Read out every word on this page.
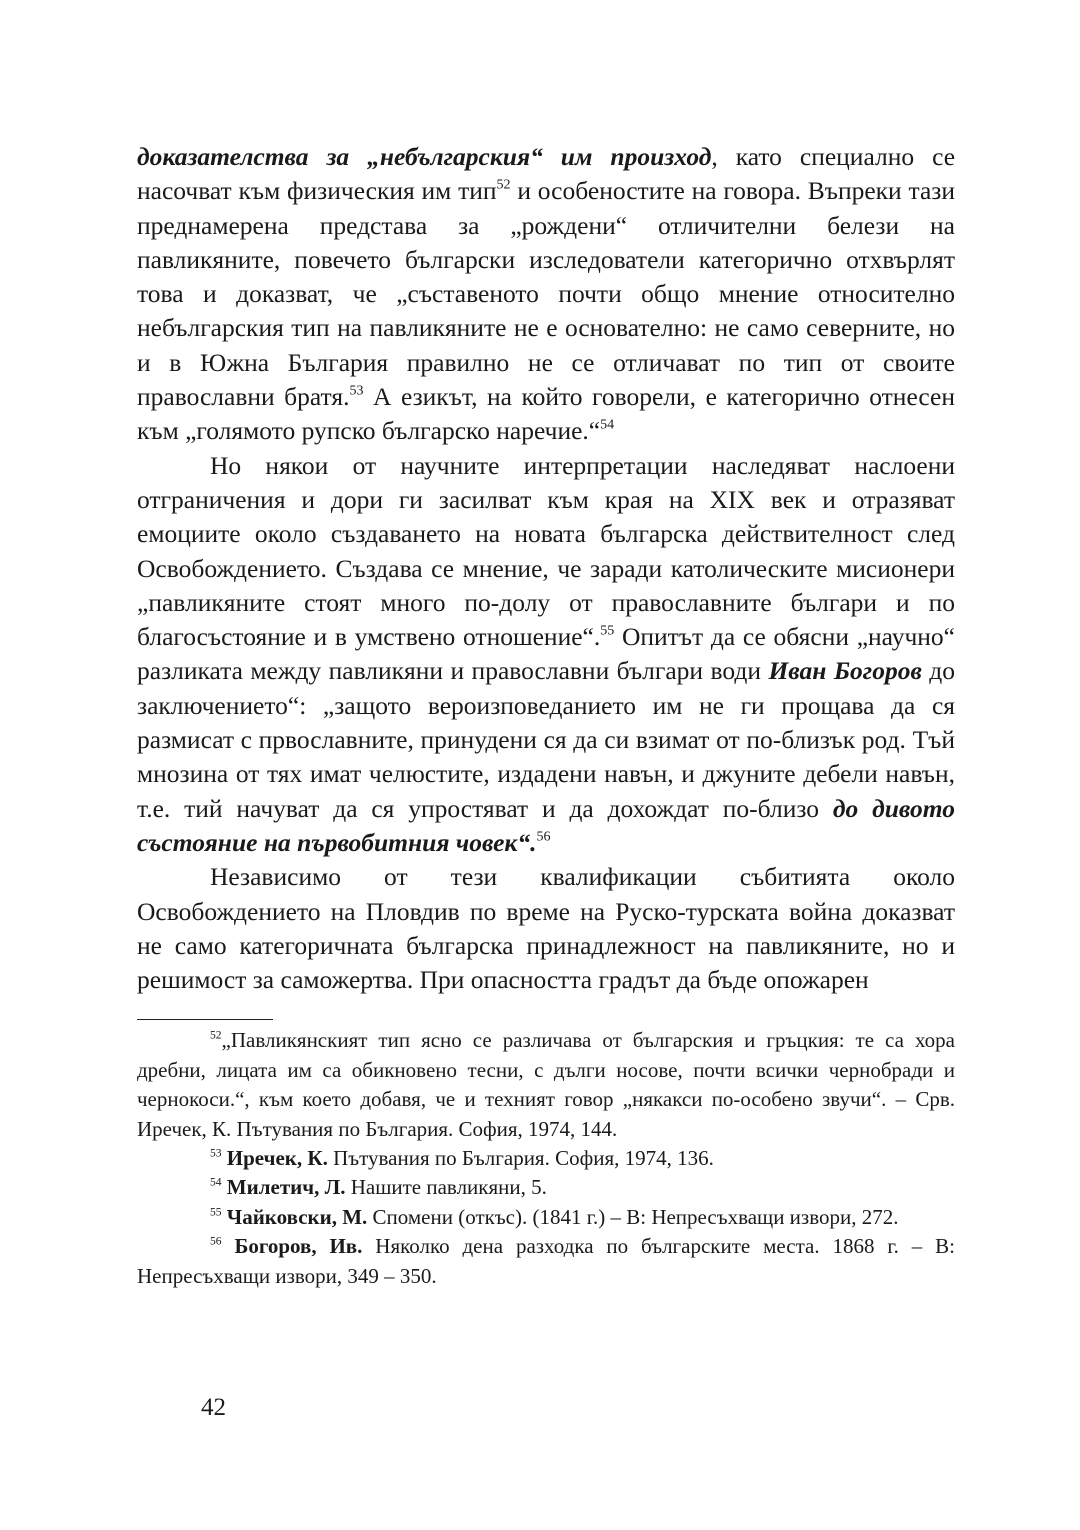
доказателства за „небългарския“ им произход, като специално се насочват към физическия им тип$^{52}$ и особеностите на говора. Въпреки тази преднамерена представа за „рождени“ отличителни белези на павликяните, повечето български изследователи категорично отхвърлят това и доказват, че „съставеното почти общо мнение относително небългарския тип на павликяните не е основателно: не само северните, но и в Южна България правилно не се отличават по тип от своите православни братя.$^{53}$ А езикът, на който говорели, е категорично отнесен към „голямото рупско българско наречие.“$^{54}$

Но някои от научните интерпретации наследяват наслоени отграничения и дори ги засилват към края на XIX век и отразяват емоциите около създаването на новата българска действителност след Освобождението. Създава се мнение, че заради католическите мисионери „павликяните стоят много по-долу от православните българи и по благосъстояние и в умствено отношение“.$^{55}$ Опитът да се обясни „научно“ разликата между павликяни и православни българи води Иван Богоров до заключението“: „защото вероизповеданието им не ги прощава да ся размисат с првославните, принудени ся да си взимат от по-близък род. Тъй мнозина от тях имат челюстите, издадени навън, и джуните дебели навън, т.е. тий начуват да ся упростяват и да дохождат по-близо до дивото състояние на първобитния човек“.$^{56}$

Независимо от тези квалификации събитията около Освобождението на Пловдив по време на Руско-турската война доказват не само категоричната българска принадлежност на павликяните, но и решимост за саможертва. При опасността градът да бъде опожарен

$^{52}$„Павликянският тип ясно се различава от българския и гръцкия: те са хора дребни, лицата им са обикновено тесни, с дълги носове, почти всички чернобради и чернокоси.“, към което добавя, че и техният говор „някакси по-особено звучи“. – Срв. Иречек, К. Пътувания по България. София, 1974, 144.

$^{53}$ Иречек, К. Пътувания по България. София, 1974, 136.

$^{54}$ Милетич, Л. Нашите павликяни, 5.

$^{55}$ Чайковски, М. Спомени (откъс). (1841 г.) – В: Непресъхващи извори, 272.

$^{56}$ Богоров, Ив. Няколко дена разходка по българските места. 1868 г. – В: Непресъхващи извори, 349 – 350.

42
